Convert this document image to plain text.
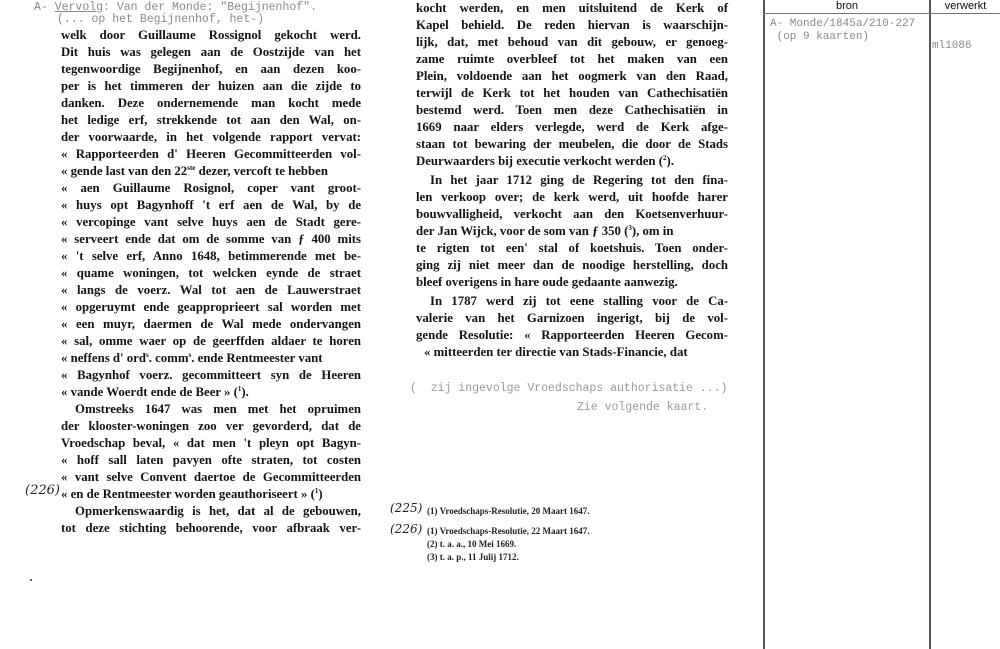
A- Vervolg: Van der Monde: "Begijnenhof".
(... op het Begijnenhof, het-)
welk door Guillaume Rossignol gekocht werd.
Dit huis was gelegen aan de Oostzijde van het
tegenwoordige Begijnenhof, en aan dezen koo-
per is het timmeren der huizen aan die zijde to
danken. Deze ondernemende man kocht mede
het ledige erf, strekkende tot aan den Wal, on-
der voorwaarde, in het volgende rapport vervat:
« Rapporteerden d' Heeren Gecommitteerden vol-
« gende last van den 22ste dezer, vercoft te hebben
« aen Guillaume Rosignol, coper vant groot-
« huys opt Bagynhoff 't erf aen de Wal, by de
« vercopinge vant selve huys aen de Stadt gere-
« serveert ende dat om de somme van ƒ 400 mits
« 't selve erf, Anno 1648, betimmerende met be-
« quame woningen, tot welcken eynde de straet
« langs de voerz. Wal tot aen de Lauwerstraet
« opgeruymt ende geapproprieert sal worden met
« een muyr, daermen de Wal mede ondervangen
« sal, omme waer op de geerffden aldaer te horen
« neffens d' ord$^s$. comm$^s$. ende Rentmeester vant
« Bagynhof voerz. gecommitteert syn de Heeren
« vande Woerdt ende de Beer » ($^1$).
Omstreeks 1647 was men met het opruimen
der klooster-woningen zoo ver gevorderd, dat de
Vroedschap beval, « dat men 't pleyn opt Bagyn-
« hoff sall laten pavyen ofte straten, tot costen
« vant selve Convent daertoe de Gecommitteerden
« en de Rentmeester worden geauthoriseert » ($^1$)
Opmerkenswaardig is het, dat al de gebouwen,
tot deze stichting behoorende, voor afbraak ver-
(226)
kocht werden, en men uitsluitend de Kerk of
Kapel behield. De reden hiervan is waarschijn-
lijk, dat, met behoud van dit gebouw, er genoeg-
zame ruimte overbleef tot het maken van een
Plein, voldoende aan het oogmerk van den Raad,
terwijl de Kerk tot het houden van Cathechisatiën
bestemd werd. Toen men deze Cathechisatiën in
1669 naar elders verlegde, werd de Kerk afge-
staan tot bewaring der meubelen, die door de Stads
Deurwaarders bij executie verkocht werden ($^2$).
In het jaar 1712 ging de Regering tot den fina-
len verkoop over; de kerk werd, uit hoofde harer
bouwvalligheid, verkocht aan den Koetsenverhuur-
der Jan Wijck, voor de som van ƒ 350 ($^3$), om in
te rigten tot een' stal of koetshuis. Toen onder-
ging zij niet meer dan de noodige herstelling, doch
bleef overigens in hare oude gedaante aanwezig.
In 1787 werd zij tot eene stalling voor de Ca-
valerie van het Garnizoen ingerigt, bij de vol-
gende Resolutie: « Rapporteerden Heeren Gecom-
« mitteerden ter directie van Stads-Financie, dat
(  zij ingevolge Vroedschaps authorisatie ...)
Zie volgende kaart.
(225)
(226)
(1) Vroedschaps-Resolutie, 20 Maart 1647.
(1) Vroedschaps-Resolutie, 22 Maart 1647.
(2) t. a. a., 10 Mei 1669.
(3) t. a. p., 11 Julij 1712.
bron	verwerkt
A- Monde/1845a/210-227
(op 9 kaarten)
ml1086
